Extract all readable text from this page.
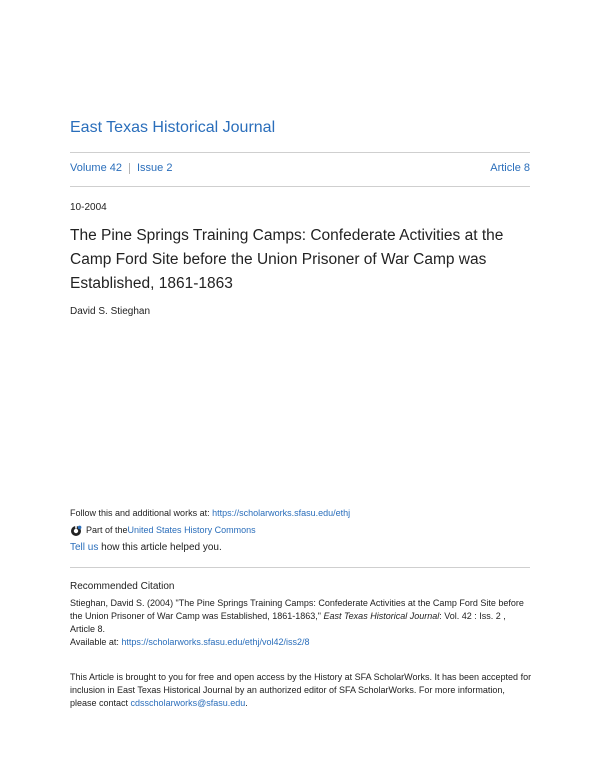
East Texas Historical Journal
Volume 42 Issue 2	Article 8
10-2004
The Pine Springs Training Camps: Confederate Activities at the Camp Ford Site before the Union Prisoner of War Camp was Established, 1861-1863
David S. Stieghan
Follow this and additional works at: https://scholarworks.sfasu.edu/ethj
Part of the United States History Commons
Tell us how this article helped you.
Recommended Citation

Stieghan, David S. (2004) "The Pine Springs Training Camps: Confederate Activities at the Camp Ford Site before the Union Prisoner of War Camp was Established, 1861-1863," East Texas Historical Journal: Vol. 42 : Iss. 2 , Article 8.

Available at: https://scholarworks.sfasu.edu/ethj/vol42/iss2/8

This Article is brought to you for free and open access by the History at SFA ScholarWorks. It has been accepted for inclusion in East Texas Historical Journal by an authorized editor of SFA ScholarWorks. For more information, please contact cdsscholarworks@sfasu.edu.
